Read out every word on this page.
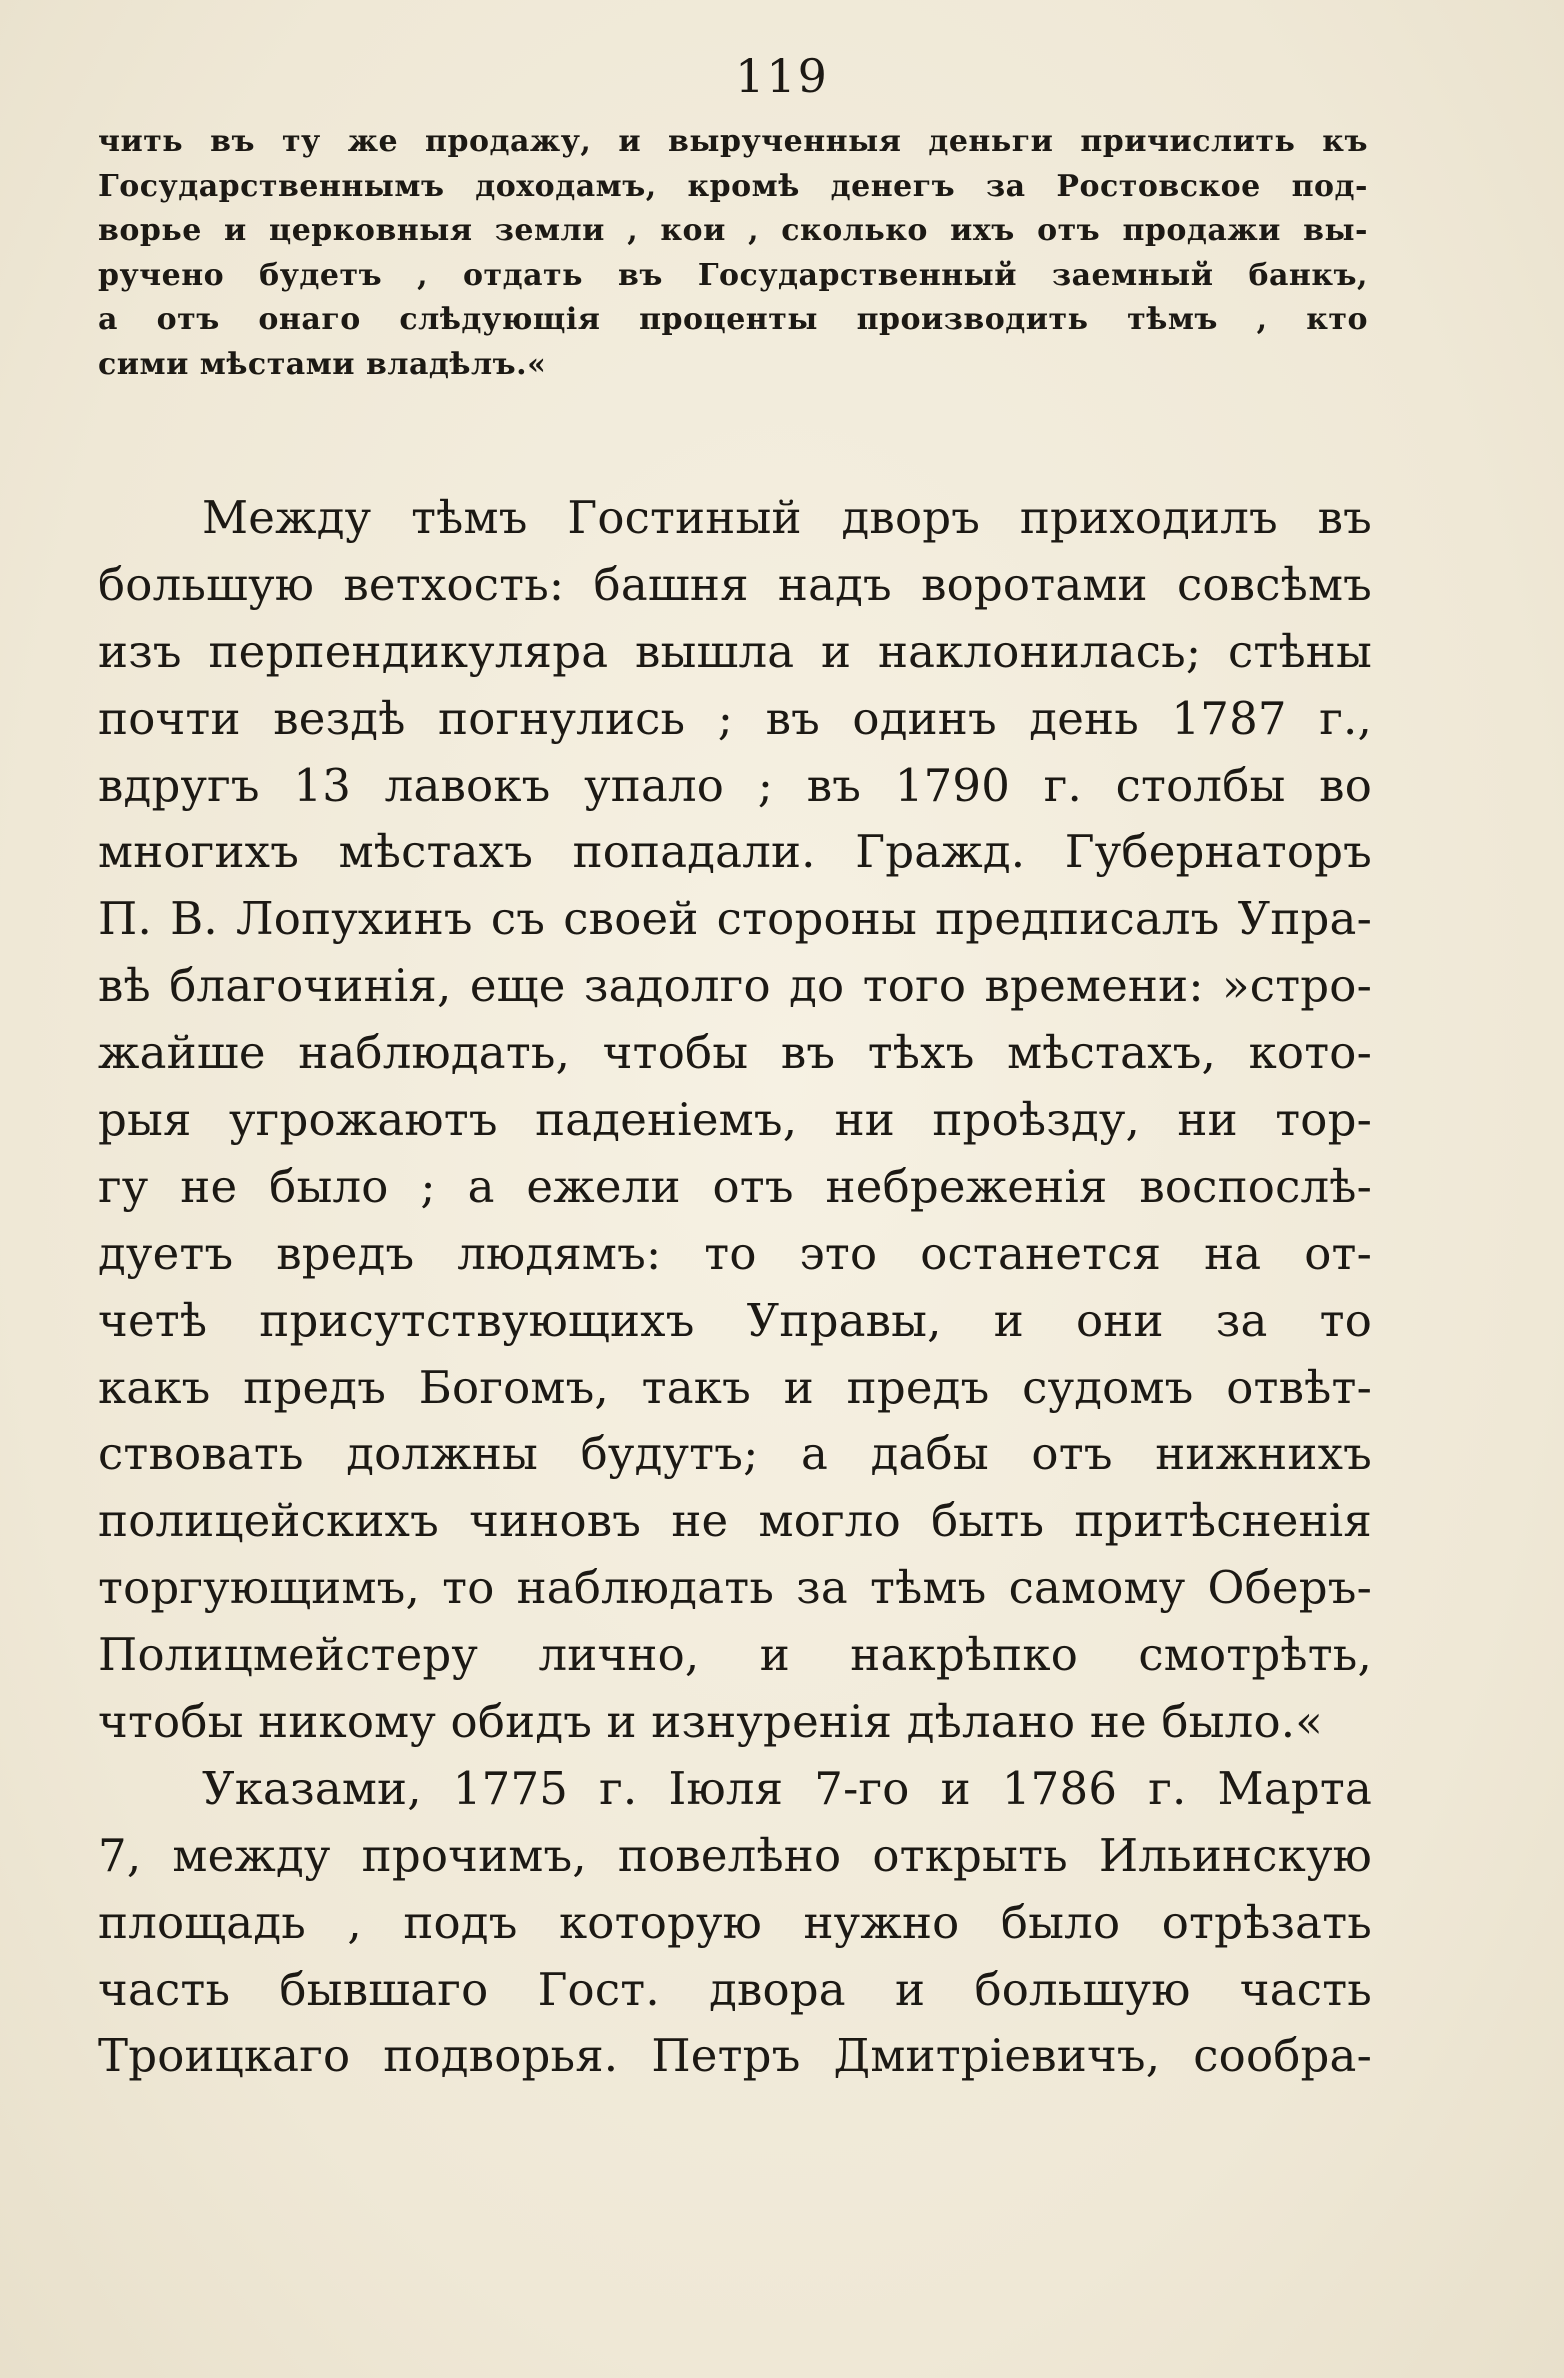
119
чить въ ту же продажу, и вырученныя деньги причислить къ
Государственнымъ доходамъ, кромѣ денегъ за Ростовское под-
ворье и церковныя земли , кои , сколько ихъ отъ продажи вы-
ручено будетъ , отдать въ Государственный заемный банкъ,
а отъ онаго слѣдующія проценты производить тѣмъ , кто
сими мѣстами владѣлъ.«
Между тѣмъ Гостиный дворъ приходилъ въ
большую ветхость: башня надъ воротами совсѣмъ
изъ перпендикуляра вышла и наклонилась; стѣны
почти вездѣ погнулись ; въ одинъ день 1787 г.,
вдругъ 13 лавокъ упало ; въ 1790 г. столбы во
многихъ мѣстахъ попадали. Гражд. Губернаторъ
П. В. Лопухинъ съ своей стороны предписалъ Упра-
вѣ благочинія, еще задолго до того времени: »стро-
жайше наблюдать, чтобы въ тѣхъ мѣстахъ, кото-
рыя угрожаютъ паденіемъ, ни проѣзду, ни тор-
гу не было ; а ежели отъ небреженія воспослѣ-
дуетъ вредъ людямъ: то это останется на от-
четѣ присутствующихъ Управы, и они за то
какъ предъ Богомъ, такъ и предъ судомъ отвѣт-
ствовать должны будутъ; а дабы отъ нижнихъ
полицейскихъ чиновъ не могло быть притѣсненія
торгующимъ, то наблюдать за тѣмъ самому Оберъ-
Полицмейстеру лично, и накрѣпко смотрѣть,
чтобы никому обидъ и изнуренія дѣлано не было.«
Указами, 1775 г. Іюля 7-го и 1786 г. Марта
7, между прочимъ, повелѣно открыть Ильинскую
площадь , подъ которую нужно было отрѣзать
часть бывшаго Гост. двора и большую часть
Троицкаго подворья. Петръ Дмитріевичъ, сообра-
